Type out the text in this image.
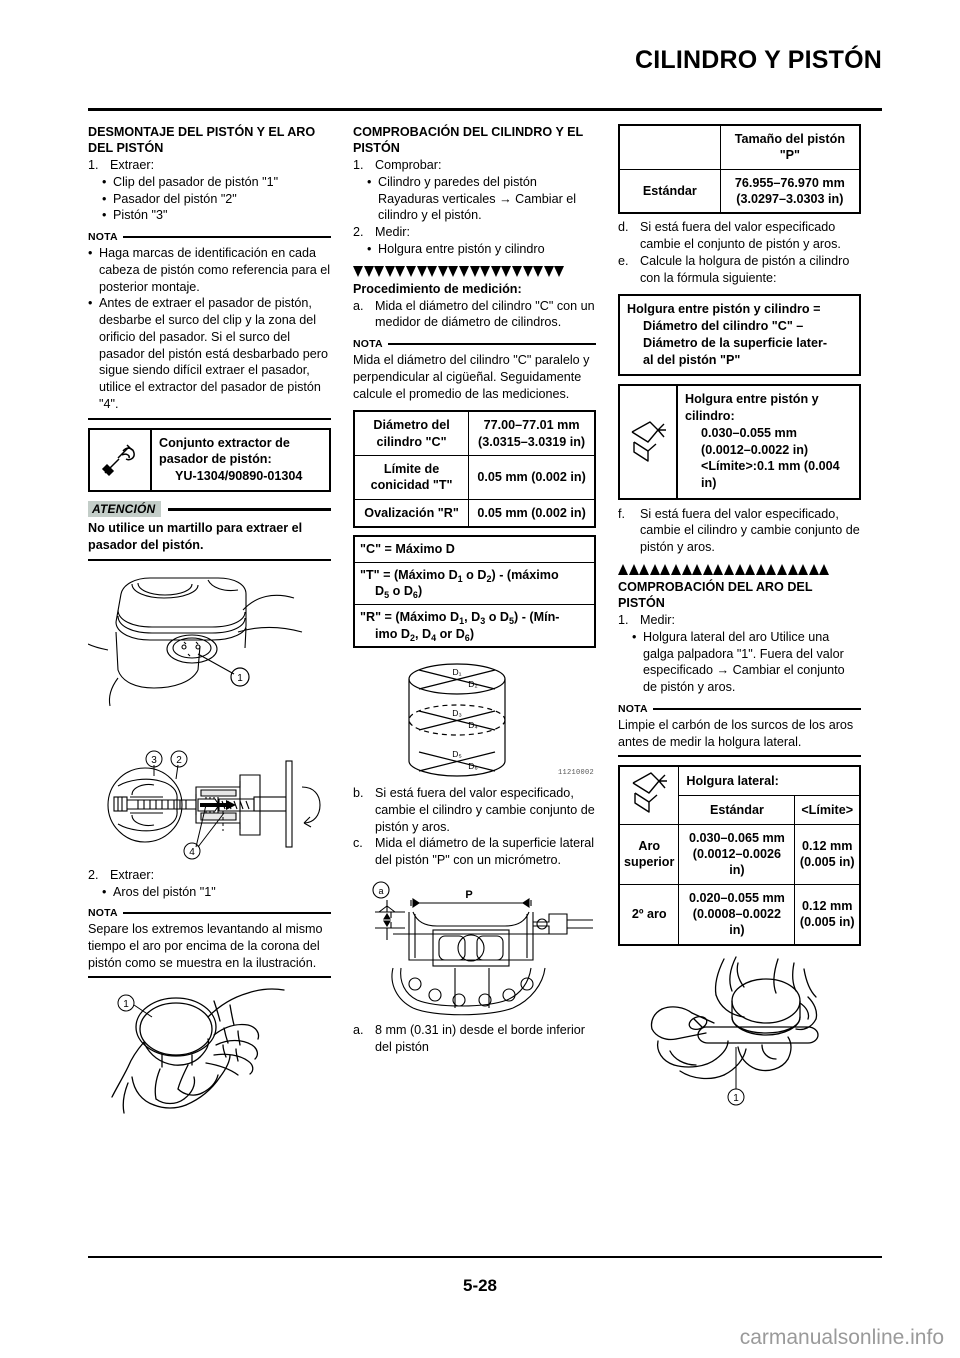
CILINDRO Y PISTÓN
DESMONTAJE DEL PISTÓN Y EL ARO DEL PISTÓN
1. Extraer:
• Clip del pasador de pistón "1"
• Pasador del pistón "2"
• Pistón "3"
NOTA
• Haga marcas de identificación en cada cabeza de pistón como referencia para el posterior montaje.
• Antes de extraer el pasador de pistón, desbarbe el surco del clip y la zona del orificio del pasador. Si el surco del pasador del pistón está desbarbado pero sigue siendo difícil extraer el pasador, utilice el extractor del pasador de pistón "4".
Conjunto extractor de
pasador de pistón:
YU-1304/90890-01304
ATENCIÓN
No utilice un martillo para extraer el pasador del pistón.
1
3 2
4
2. Extraer:
• Aros del pistón "1"
NOTA
Separe los extremos levantando al mismo tiempo el aro por encima de la corona del pistón como se muestra en la ilustración.
1
COMPROBACIÓN DEL CILINDRO Y EL PISTÓN
1. Comprobar:
• Cilindro y paredes del pistón Rayaduras verticales → Cambiar el cilindro y el pistón.
2. Medir:
• Holgura entre pistón y cilindro
Procedimiento de medición:
a. Mida el diámetro del cilindro "C" con un medidor de diámetro de cilindros.
NOTA
Mida el diámetro del cilindro "C" paralelo y perpendicular al cigüeñal. Seguidamente calcule el promedio de las mediciones.
Diámetro del cilindro "C"	77.00–77.01 mm (3.0315–3.0319 in)
Límite de conicidad "T"	0.05 mm (0.002 in)
Ovalización "R"	0.05 mm (0.002 in)
"C" = Máximo D

"T" = (Máximo $D_1$ o $D_2$) - (máximo
$D_5$ o $D_6$)

"R" = (Máximo $D_1$, $D_3$ o $D_5$) - (Mín-
imo $D_2$, $D_4$ or $D_6$)
D₁
D₂
D₃
D₄
D₅
D₆
11210002
b. Si está fuera del valor especificado, cambie el cilindro y cambie conjunto de pistón y aros.
c. Mida el diámetro de la superficie lateral del pistón "P" con un micrómetro.
a	P
a. 8 mm (0.31 in) desde el borde inferior del pistón
	Tamaño del pistón "P"
Estándar	76.955–76.970 mm (3.0297–3.0303 in)
d. Si está fuera del valor especificado cambie el conjunto de pistón y aros.
e. Calcule la holgura de pistón a cilindro con la fórmula siguiente:
Holgura entre pistón y cilindro =
Diámetro del cilindro "C" –
Diámetro de la superficie later-
al del pistón "P"
Holgura entre pistón y
cilindro:
0.030–0.055 mm
(0.0012–0.0022 in)
<Límite>:0.1 mm (0.004
in)
f.	Si está fuera del valor especificado, cambie el cilindro y cambie conjunto de pistón y aros.
COMPROBACIÓN DEL ARO DEL PISTÓN
1. Medir:
• Holgura lateral del aro Utilice una galga palpadora "1". Fuera del valor especificado → Cambiar el conjunto de pistón y aros.
NOTA
Limpie el carbón de los surcos de los aros antes de medir la holgura lateral.
	Holgura lateral:	
	Estándar	<Límite>
Aro superior	0.030–0.065 mm (0.0012–0.0026 in)	0.12 mm (0.005 in)
2º aro	0.020–0.055 mm (0.0008–0.0022 in)	0.12 mm (0.005 in)
1
5-28
carmanualsonline.info
